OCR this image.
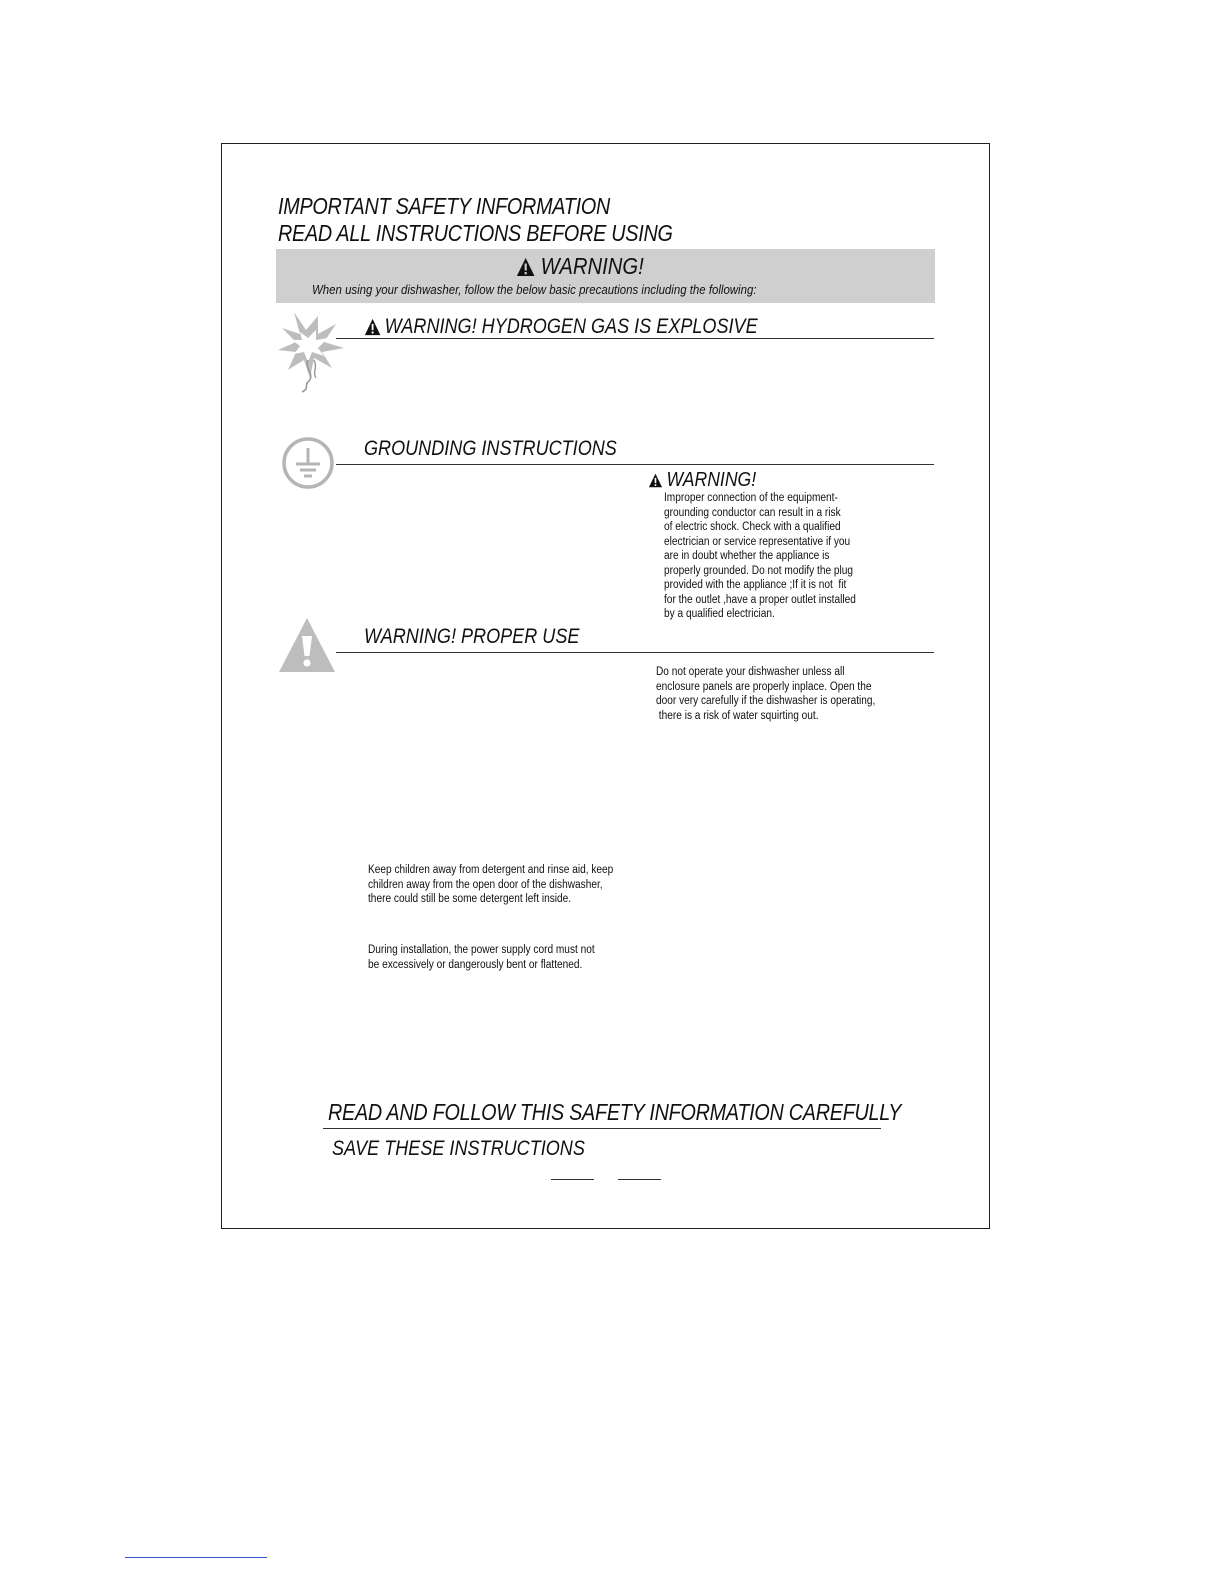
IMPORTANT SAFETY INFORMATION
READ ALL INSTRUCTIONS BEFORE USING
WARNING!
When using your dishwasher, follow the below basic precautions including the following:
WARNING! HYDROGEN GAS IS EXPLOSIVE
GROUNDING INSTRUCTIONS
WARNING!
Improper connection of the equipment-
grounding conductor can result in a risk
of electric shock. Check with a qualified
electrician or service representative if you
are in doubt whether the appliance is
properly grounded. Do not modify the plug
provided with the appliance ;If it is not  fit
for the outlet ,have a proper outlet installed
by a qualified electrician.
WARNING! PROPER USE
Do not operate your dishwasher unless all
enclosure panels are properly inplace. Open the
door very carefully if the dishwasher is operating,
there is a risk of water squirting out.
Keep children away from detergent and rinse aid, keep
children away from the open door of the dishwasher,
there could still be some detergent left inside.
During installation, the power supply cord must not
be excessively or dangerously bent or flattened.
READ AND FOLLOW THIS SAFETY INFORMATION CAREFULLY
SAVE THESE INSTRUCTIONS
